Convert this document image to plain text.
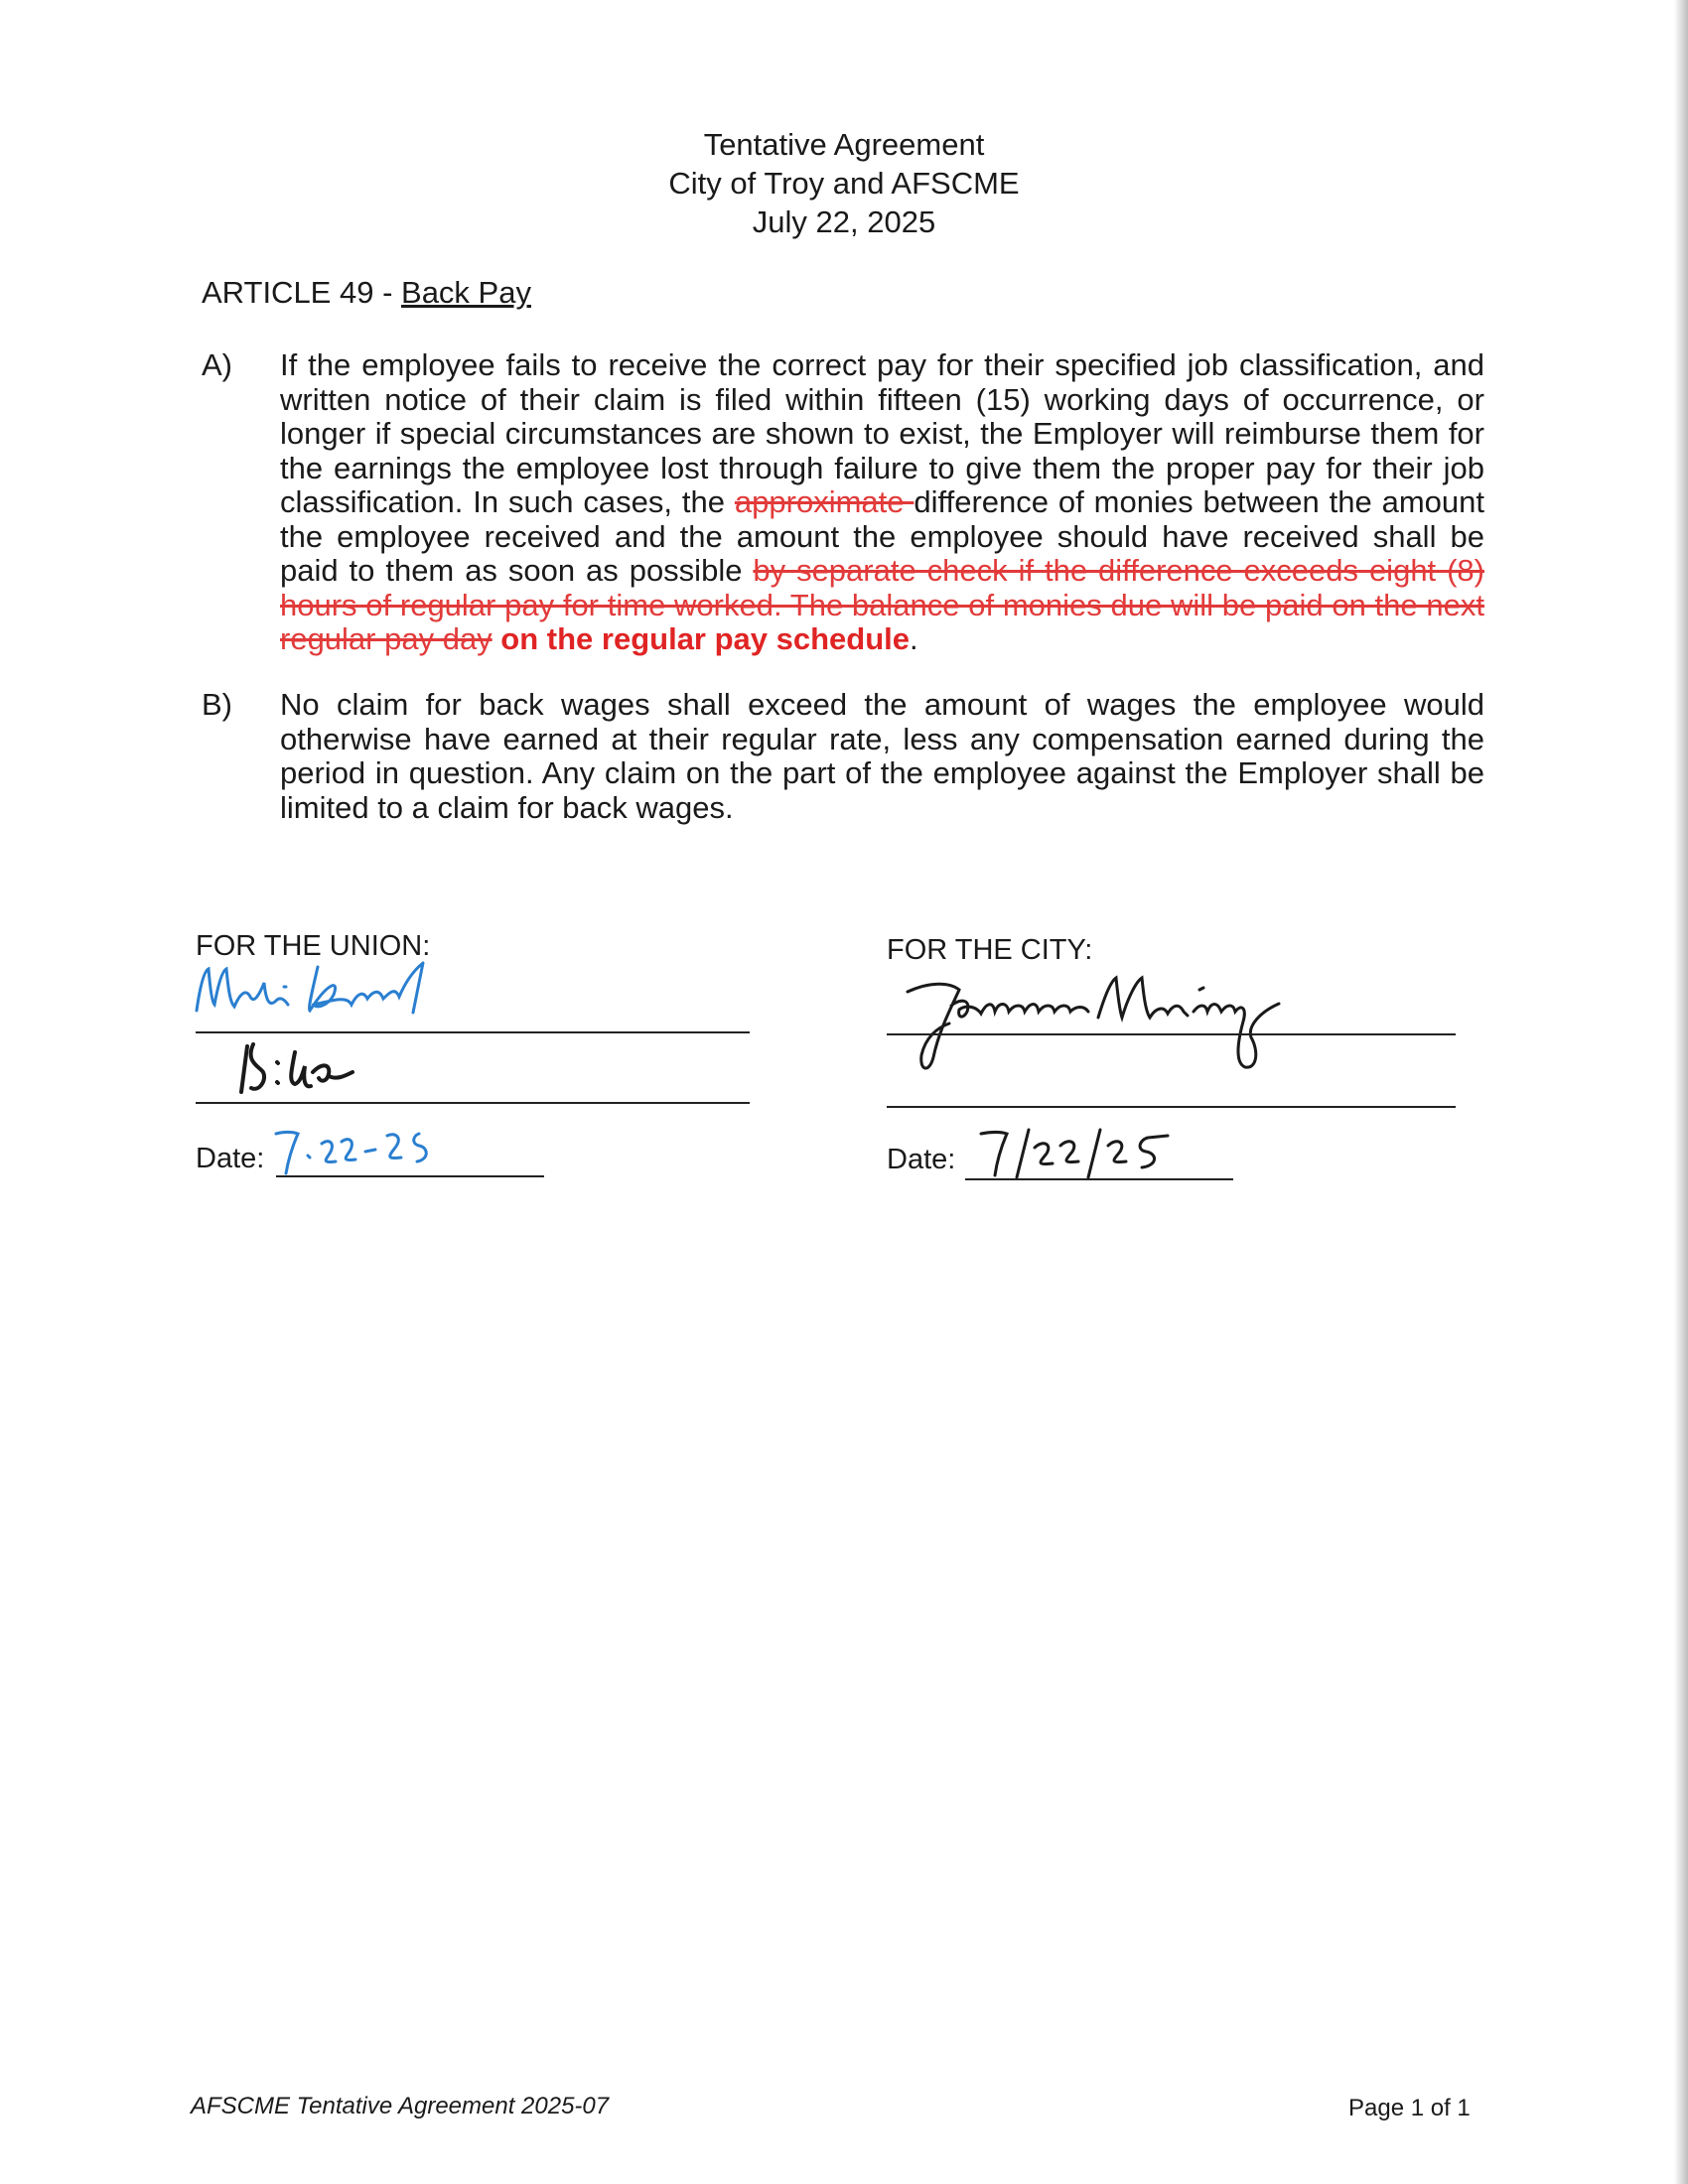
Tentative Agreement
City of Troy and AFSCME
July 22, 2025
ARTICLE 49 - Back Pay
A) If the employee fails to receive the correct pay for their specified job classification, and written notice of their claim is filed within fifteen (15) working days of occurrence, or longer if special circumstances are shown to exist, the Employer will reimburse them for the earnings the employee lost through failure to give them the proper pay for their job classification. In such cases, the approximate difference of monies between the amount the employee received and the amount the employee should have received shall be paid to them as soon as possible by separate check if the difference exceeds eight (8) hours of regular pay for time worked. The balance of monies due will be paid on the next regular pay day on the regular pay schedule.
B) No claim for back wages shall exceed the amount of wages the employee would otherwise have earned at their regular rate, less any compensation earned during the period in question. Any claim on the part of the employee against the Employer shall be limited to a claim for back wages.
FOR THE UNION:
Date:
FOR THE CITY:
Date:
AFSCME Tentative Agreement 2025-07	Page 1 of 1
